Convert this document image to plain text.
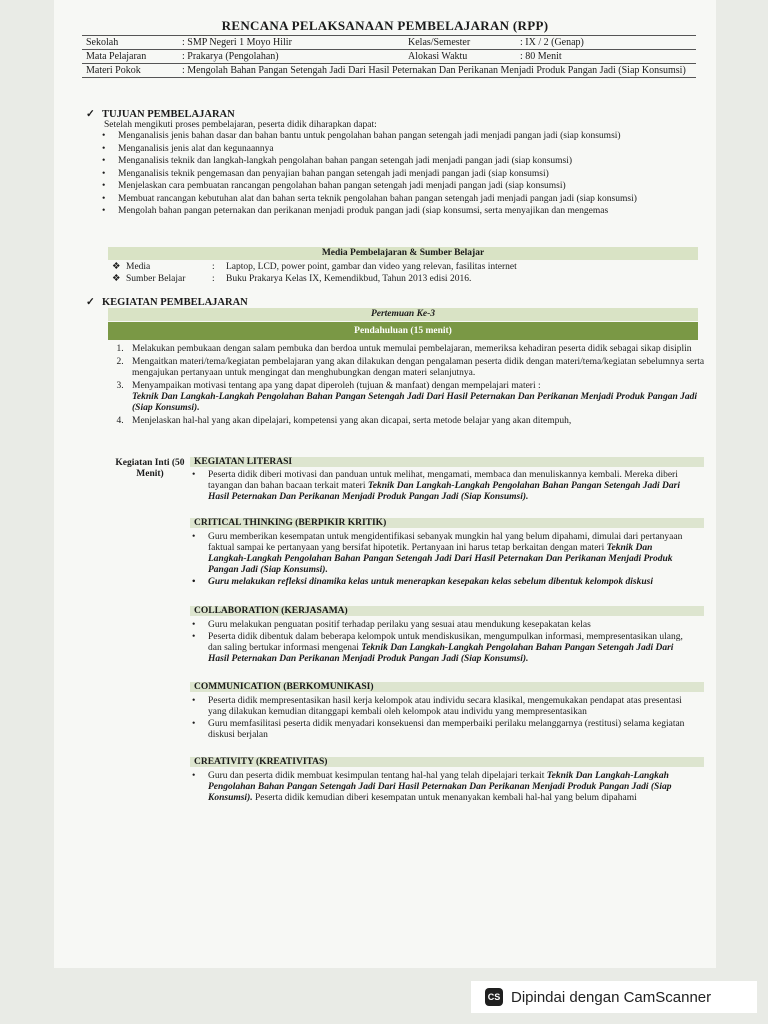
RENCANA PELAKSANAAN PEMBELAJARAN (RPP)
Sekolah	: SMP Negeri 1 Moyo Hilir	Kelas/Semester	: IX / 2 (Genap)
Mata Pelajaran	: Prakarya (Pengolahan)	Alokasi Waktu	: 80 Menit
Materi Pokok	: Mengolah Bahan Pangan Setengah Jadi Dari Hasil Peternakan Dan Perikanan Menjadi Produk Pangan Jadi (Siap Konsumsi)		
✓ TUJUAN PEMBELAJARAN
Setelah mengikuti proses pembelajaran, peserta didik diharapkan dapat:
• Menganalisis jenis bahan dasar dan bahan bantu untuk pengolahan bahan pangan setengah jadi menjadi pangan jadi (siap konsumsi)
• Menganalisis jenis alat dan kegunaannya
• Menganalisis teknik dan langkah-langkah pengolahan bahan pangan setengah jadi menjadi pangan jadi (siap konsumsi)
• Menganalisis teknik pengemasan dan penyajian bahan pangan setengah jadi menjadi pangan jadi (siap konsumsi)
• Menjelaskan cara pembuatan rancangan pengolahan bahan pangan setengah jadi menjadi pangan jadi (siap konsumsi)
• Membuat rancangan kebutuhan alat dan bahan serta teknik pengolahan bahan pangan setengah jadi menjadi pangan jadi (siap konsumsi)
• Mengolah bahan pangan peternakan dan perikanan menjadi produk pangan jadi (siap konsumsi, serta menyajikan dan mengemas
Media Pembelajaran & Sumber Belajar
❖ Media	: Laptop, LCD, power point, gambar dan video yang relevan, fasilitas internet
❖ Sumber Belajar	: Buku Prakarya Kelas IX, Kemendikbud, Tahun 2013 edisi 2016.
✓ KEGIATAN PEMBELAJARAN
Pertemuan Ke-3
Pendahuluan (15 menit)
1. Melakukan pembukaan dengan salam pembuka dan berdoa untuk memulai pembelajaran, memeriksa kehadiran peserta didik sebagai sikap disiplin
2. Mengaitkan materi/tema/kegiatan pembelajaran yang akan dilakukan dengan pengalaman peserta didik dengan materi/tema/kegiatan sebelumnya serta mengajukan pertanyaan untuk mengingat dan menghubungkan dengan materi selanjutnya.
3. Menyampaikan motivasi tentang apa yang dapat diperoleh (tujuan & manfaat) dengan mempelajari materi :
Teknik Dan Langkah-Langkah Pengolahan Bahan Pangan Setengah Jadi Dari Hasil Peternakan Dan Perikanan Menjadi Produk Pangan Jadi (Siap Konsumsi).
4. Menjelaskan hal-hal yang akan dipelajari, kompetensi yang akan dicapai, serta metode belajar yang akan ditempuh,
Kegiatan Inti (50 Menit)
KEGIATAN LITERASI
• Peserta didik diberi motivasi dan panduan untuk melihat, mengamati, membaca dan menuliskannya kembali. Mereka diberi tayangan dan bahan bacaan terkait materi Teknik Dan Langkah-Langkah Pengolahan Bahan Pangan Setengah Jadi Dari Hasil Peternakan Dan Perikanan Menjadi Produk Pangan Jadi (Siap Konsumsi).
CRITICAL THINKING (BERPIKIR KRITIK)
• Guru memberikan kesempatan untuk mengidentifikasi sebanyak mungkin hal yang belum dipahami, dimulai dari pertanyaan faktual sampai ke pertanyaan yang bersifat hipotetik. Pertanyaan ini harus tetap berkaitan dengan materi Teknik Dan Langkah-Langkah Pengolahan Bahan Pangan Setengah Jadi Dari Hasil Peternakan Dan Perikanan Menjadi Produk Pangan Jadi (Siap Konsumsi).
• Guru melakukan refleksi dinamika kelas untuk menerapkan kesepakan kelas sebelum dibentuk kelompok diskusi
COLLABORATION (KERJASAMA)
• Guru melakukan penguatan positif terhadap perilaku yang sesuai atau mendukung kesepakatan kelas
• Peserta didik dibentuk dalam beberapa kelompok untuk mendiskusikan, mengumpulkan informasi, mempresentasikan ulang, dan saling bertukar informasi mengenai Teknik Dan Langkah-Langkah Pengolahan Bahan Pangan Setengah Jadi Dari Hasil Peternakan Dan Perikanan Menjadi Produk Pangan Jadi (Siap Konsumsi).
COMMUNICATION (BERKOMUNIKASI)
• Peserta didik mempresentasikan hasil kerja kelompok atau individu secara klasikal, mengemukakan pendapat atas presentasi yang dilakukan kemudian ditanggapi kembali oleh kelompok atau individu yang mempresentasikan
• Guru memfasilitasi peserta didik menyadari konsekuensi dan memperbaiki perilaku melanggarnya (restitusi) selama kegiatan diskusi berjalan
CREATIVITY (KREATIVITAS)
• Guru dan peserta didik membuat kesimpulan tentang hal-hal yang telah dipelajari terkait Teknik Dan Langkah-Langkah Pengolahan Bahan Pangan Setengah Jadi Dari Hasil Peternakan Dan Perikanan Menjadi Produk Pangan Jadi (Siap Konsumsi). Peserta didik kemudian diberi kesempatan untuk menanyakan kembali hal-hal yang belum dipahami
CS Dipindai dengan CamScanner
